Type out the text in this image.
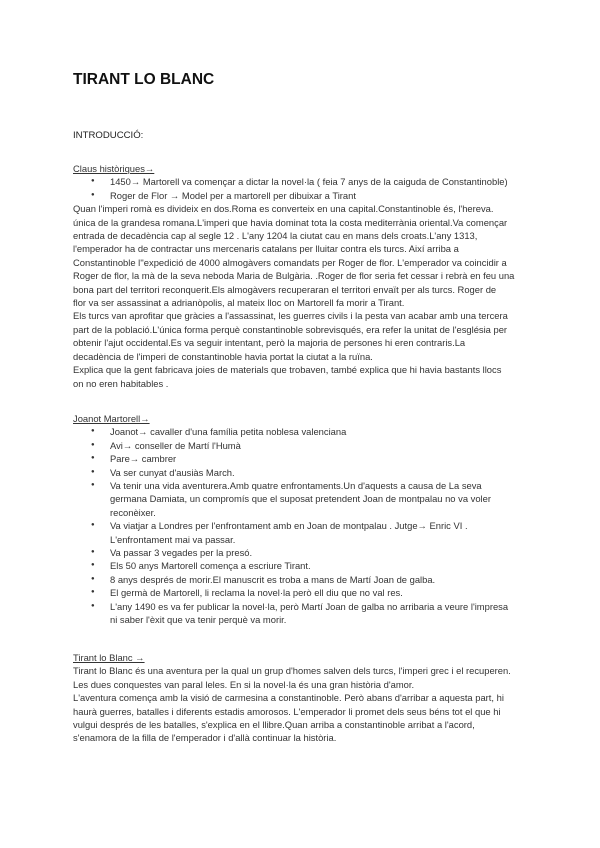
TIRANT LO BLANC
INTRODUCCIÓ:
Claus històriques→
● 1450→ Martorell va començar a dictar la novel·la ( feia 7 anys de la caiguda de Constantinoble)
● Roger de Flor → Model per a martorell per dibuixar a Tirant
Quan l'imperi romà es divideix en dos.Roma es converteix en una capital.Constantinoble és, l'hereva.
única de la grandesa romana.L'imperi que havia dominat tota la costa mediterrània oriental.Va començar
entrada de decadència cap al segle 12 . L'any 1204 la ciutat cau en mans dels croats.L'any 1313,
l'emperador ha de contractar uns mercenaris catalans per lluitar contra els turcs. Així arriba a
Constantinoble l''expedició de 4000 almogàvers comandats per Roger de flor. L'emperador va coincidir a
Roger de flor, la mà de la seva neboda Maria de Bulgària. .Roger de flor seria fet cessar i rebrà en feu una
bona part del territori reconquerit.Els almogàvers recuperaran el territori envaït per als turcs. Roger de
flor va ser assassinat a adrianòpolis, al mateix lloc on Martorell fa morir a Tirant.
Els turcs van aprofitar que gràcies a l'assassinat, les guerres civils i la pesta van acabar amb una tercera
part de la població.L'única forma perquè constantinoble sobrevisqués, era refer la unitat de l'església per
obtenir l'ajut occidental.Es va seguir intentant, però la majoria de persones hi eren contraris.La
decadència de l'imperi de constantinoble havia portat la ciutat a la ruïna.
Explica que la gent fabricava joies de materials que trobaven, també explica que hi havia bastants llocs
on no eren habitables .
Joanot Martorell→
● Joanot→ cavaller d'una família petita noblesa valenciana
● Avi→ conseller de Martí l'Humà
● Pare→ cambrer
● Va ser cunyat d'ausiàs March.
● Va tenir una vida aventurera.Amb quatre enfrontaments.Un d'aquests a causa de La seva
germana Damiata, un compromís que el suposat pretendent Joan de montpalau no va voler
reconèixer.
● Va viatjar a Londres per l'enfrontament amb en Joan de montpalau . Jutge→ Enric VI .
L'enfrontament mai va passar.
● Va passar 3 vegades per la presó.
● Els 50 anys Martorell comença a escriure Tirant.
● 8 anys després de morir.El manuscrit es troba a mans de Martí Joan de galba.
● El germà de Martorell, li reclama la novel·la però ell diu que no val res.
● L'any 1490 es va fer publicar la novel·la, però Martí Joan de galba no arribaria a veure l'impresa
ni saber l'èxit que va tenir perquè va morir.
Tirant lo Blanc →
Tirant lo Blanc és una aventura per la qual un grup d'homes salven dels turcs, l'imperi grec i el recuperen.
Les dues conquestes van paral leles. En si la novel·la és una gran història d'amor.
L'aventura comença amb la visió de carmesina a constantinoble. Però abans d'arribar a aquesta part, hi
haurà guerres, batalles i diferents estadis amorosos. L'emperador li promet dels seus béns tot el que hi
vulgui després de les batalles, s'explica en el llibre.Quan arriba a constantinoble arribat a l'acord,
s'enamora de la filla de l'emperador i d'allà continuar la història.
